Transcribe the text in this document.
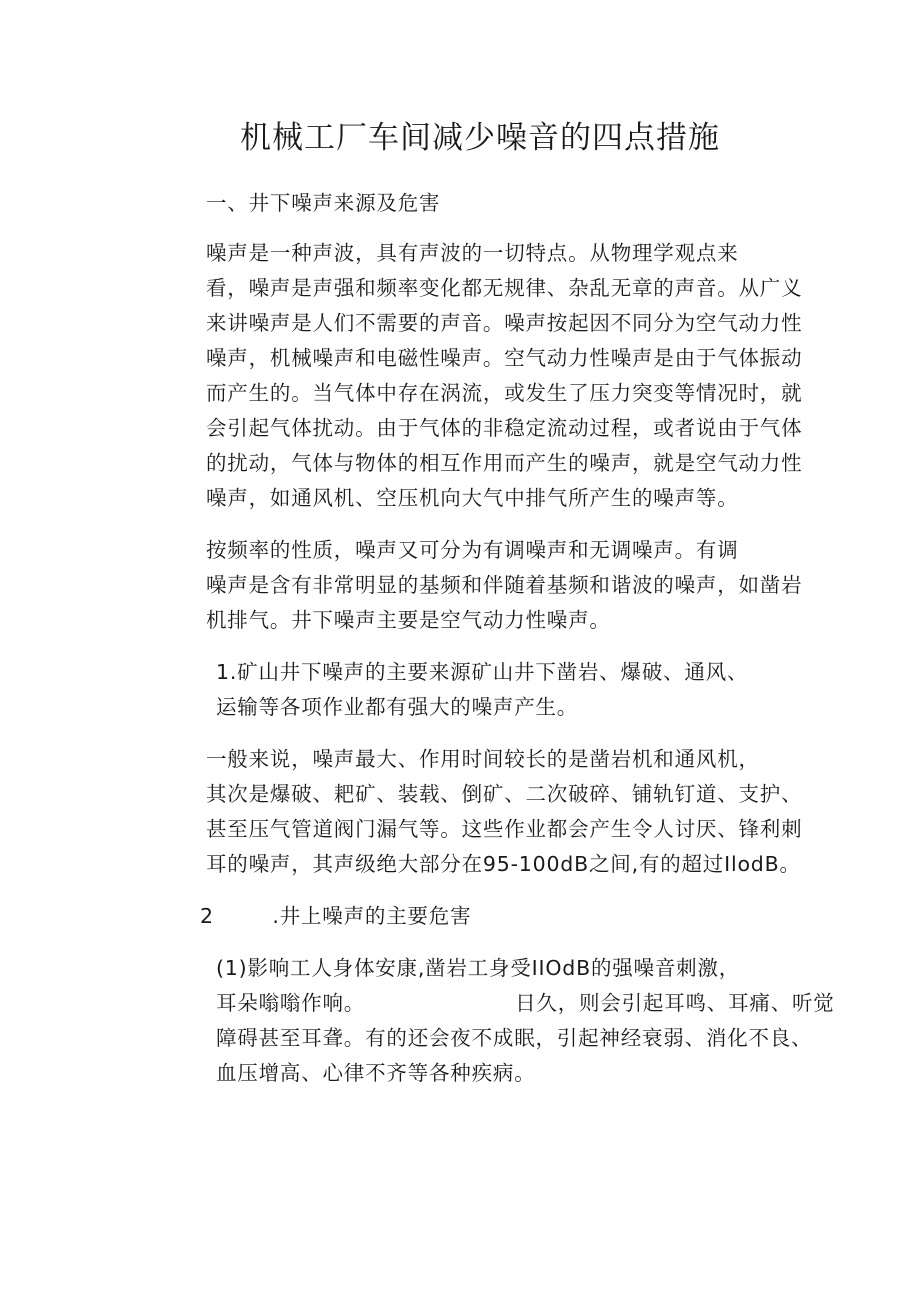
机械工厂车间减少噪音的四点措施

一、井下噪声来源及危害

噪声是一种声波，具有声波的一切特点。从物理学观点来
看，噪声是声强和频率变化都无规律、杂乱无章的声音。从广义
来讲噪声是人们不需要的声音。噪声按起因不同分为空气动力性
噪声，机械噪声和电磁性噪声。空气动力性噪声是由于气体振动
而产生的。当气体中存在涡流，或发生了压力突变等情况时，就
会引起气体扰动。由于气体的非稳定流动过程，或者说由于气体
的扰动，气体与物体的相互作用而产生的噪声，就是空气动力性
噪声，如通风机、空压机向大气中排气所产生的噪声等。

按频率的性质，噪声又可分为有调噪声和无调噪声。有调
噪声是含有非常明显的基频和伴随着基频和谐波的噪声，如凿岩
机排气。井下噪声主要是空气动力性噪声。

1.矿山井下噪声的主要来源矿山井下凿岩、爆破、通风、
运输等各项作业都有强大的噪声产生。

一般来说，噪声最大、作用时间较长的是凿岩机和通风机，
其次是爆破、耙矿、装载、倒矿、二次破碎、铺轨钉道、支护、
甚至压气管道阀门漏气等。这些作业都会产生令人讨厌、锋利刺
耳的噪声，其声级绝大部分在95-100dB之间,有的超过IlodB。

2        .井上噪声的主要危害

(1)影响工人身体安康,凿岩工身受IIOdB的强噪音刺激，
耳朵嗡嗡作响。	日久，则会引起耳鸣、耳痛、听觉
障碍甚至耳聋。有的还会夜不成眠，引起神经衰弱、消化不良、
血压增高、心律不齐等各种疾病。
